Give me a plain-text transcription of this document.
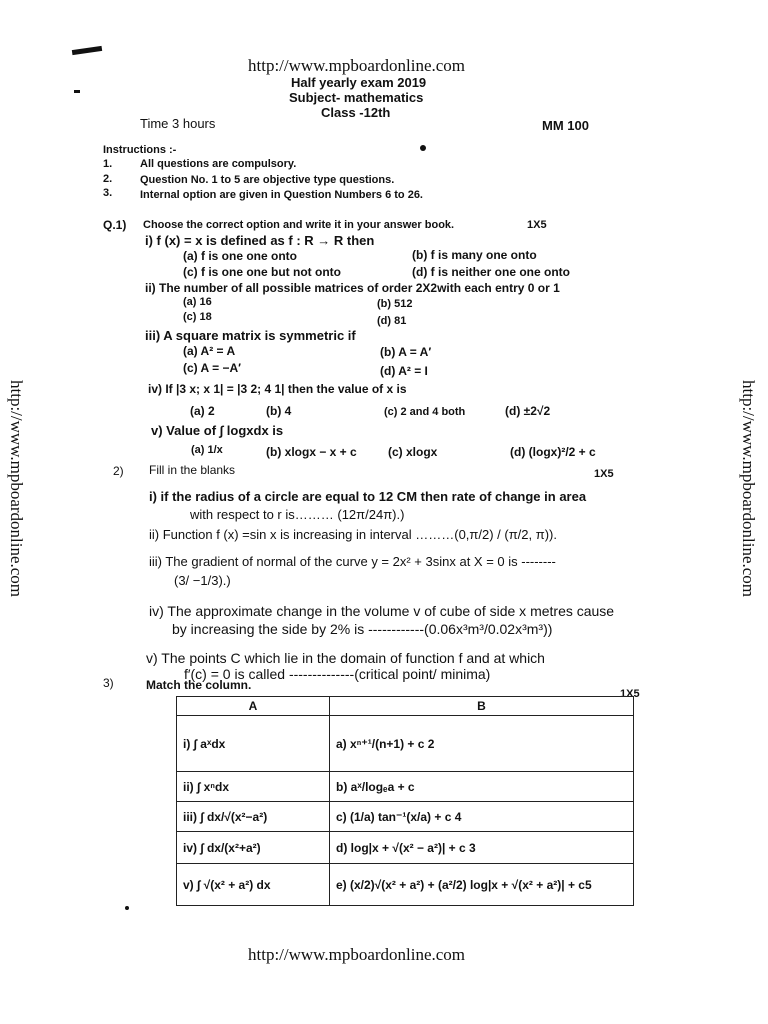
http://www.mpboardonline.com
Half yearly exam 2019
Subject- mathematics
Class -12th
Time 3 hours	MM 100
http://www.mpboardonline.com	http://www.mpboardonline.com
Instructions :-
1.	All questions are compulsory.
2.	Question No. 1 to 5 are objective type questions.
3.	Internal option are given in Question Numbers 6 to 26.
Q.1) Choose the correct option and write it in your answer book.	1X5
i) f (x) = x is defined as f : R → R then
(a) f is one one onto	(b) f is many one onto
(c) f is one one but not onto	(d) f is neither one one onto
ii) The number of all possible matrices of order 2X2with each entry 0 or 1
(a) 16	(b) 512
(c) 18	(d) 81
iii) A square matrix is symmetric if
(a) A² = A	(b) A = A′
(c) A = −A′	(d) A² = I
iv) If |3 x; x 1| = |3 2; 4 1| then the value of x is
(a) 2	(b) 4	(c) 2 and 4 both	(d) ±2√2
v) Value of ∫ logxdx is
(a) 1/x	(b) xlogx − x + c	(c) xlogx	(d) (logx)²/2 + c
2) Fill in the blanks	1X5
i) if the radius of a circle are equal to 12 CM then rate of change in area
with respect to r is……… (12π/24π).)
ii) Function f (x) =sin x is increasing in interval ………(0,π/2) / (π/2, π)).
iii) The gradient of normal of the curve y = 2x² + 3sinx at X = 0 is --------
(3/ −1/3).)
iv) The approximate change in the volume v of cube of side x metres cause
by increasing the side by 2% is ------------(0.06x³m³/0.02x³m³))
v) The points C which lie in the domain of function f and at which
f′(c) = 0 is called --------------(critical point/ minima)
3)	Match the column.
1X5
A	B
i) ∫ aˣdx	a) xⁿ⁺¹/(n+1) + c 2
ii) ∫ xⁿdx	b) aˣ/logₑa + c
iii) ∫ dx/√(x²−a²)	c) (1/a) tan⁻¹(x/a) + c 4
iv) ∫ dx/(x²+a²)	d) log|x + √(x² − a²)| + c 3
v) ∫ √(x² + a²) dx	e) (x/2)√(x² + a²) + (a²/2) log|x + √(x² + a²)| + c5
http://www.mpboardonline.com
